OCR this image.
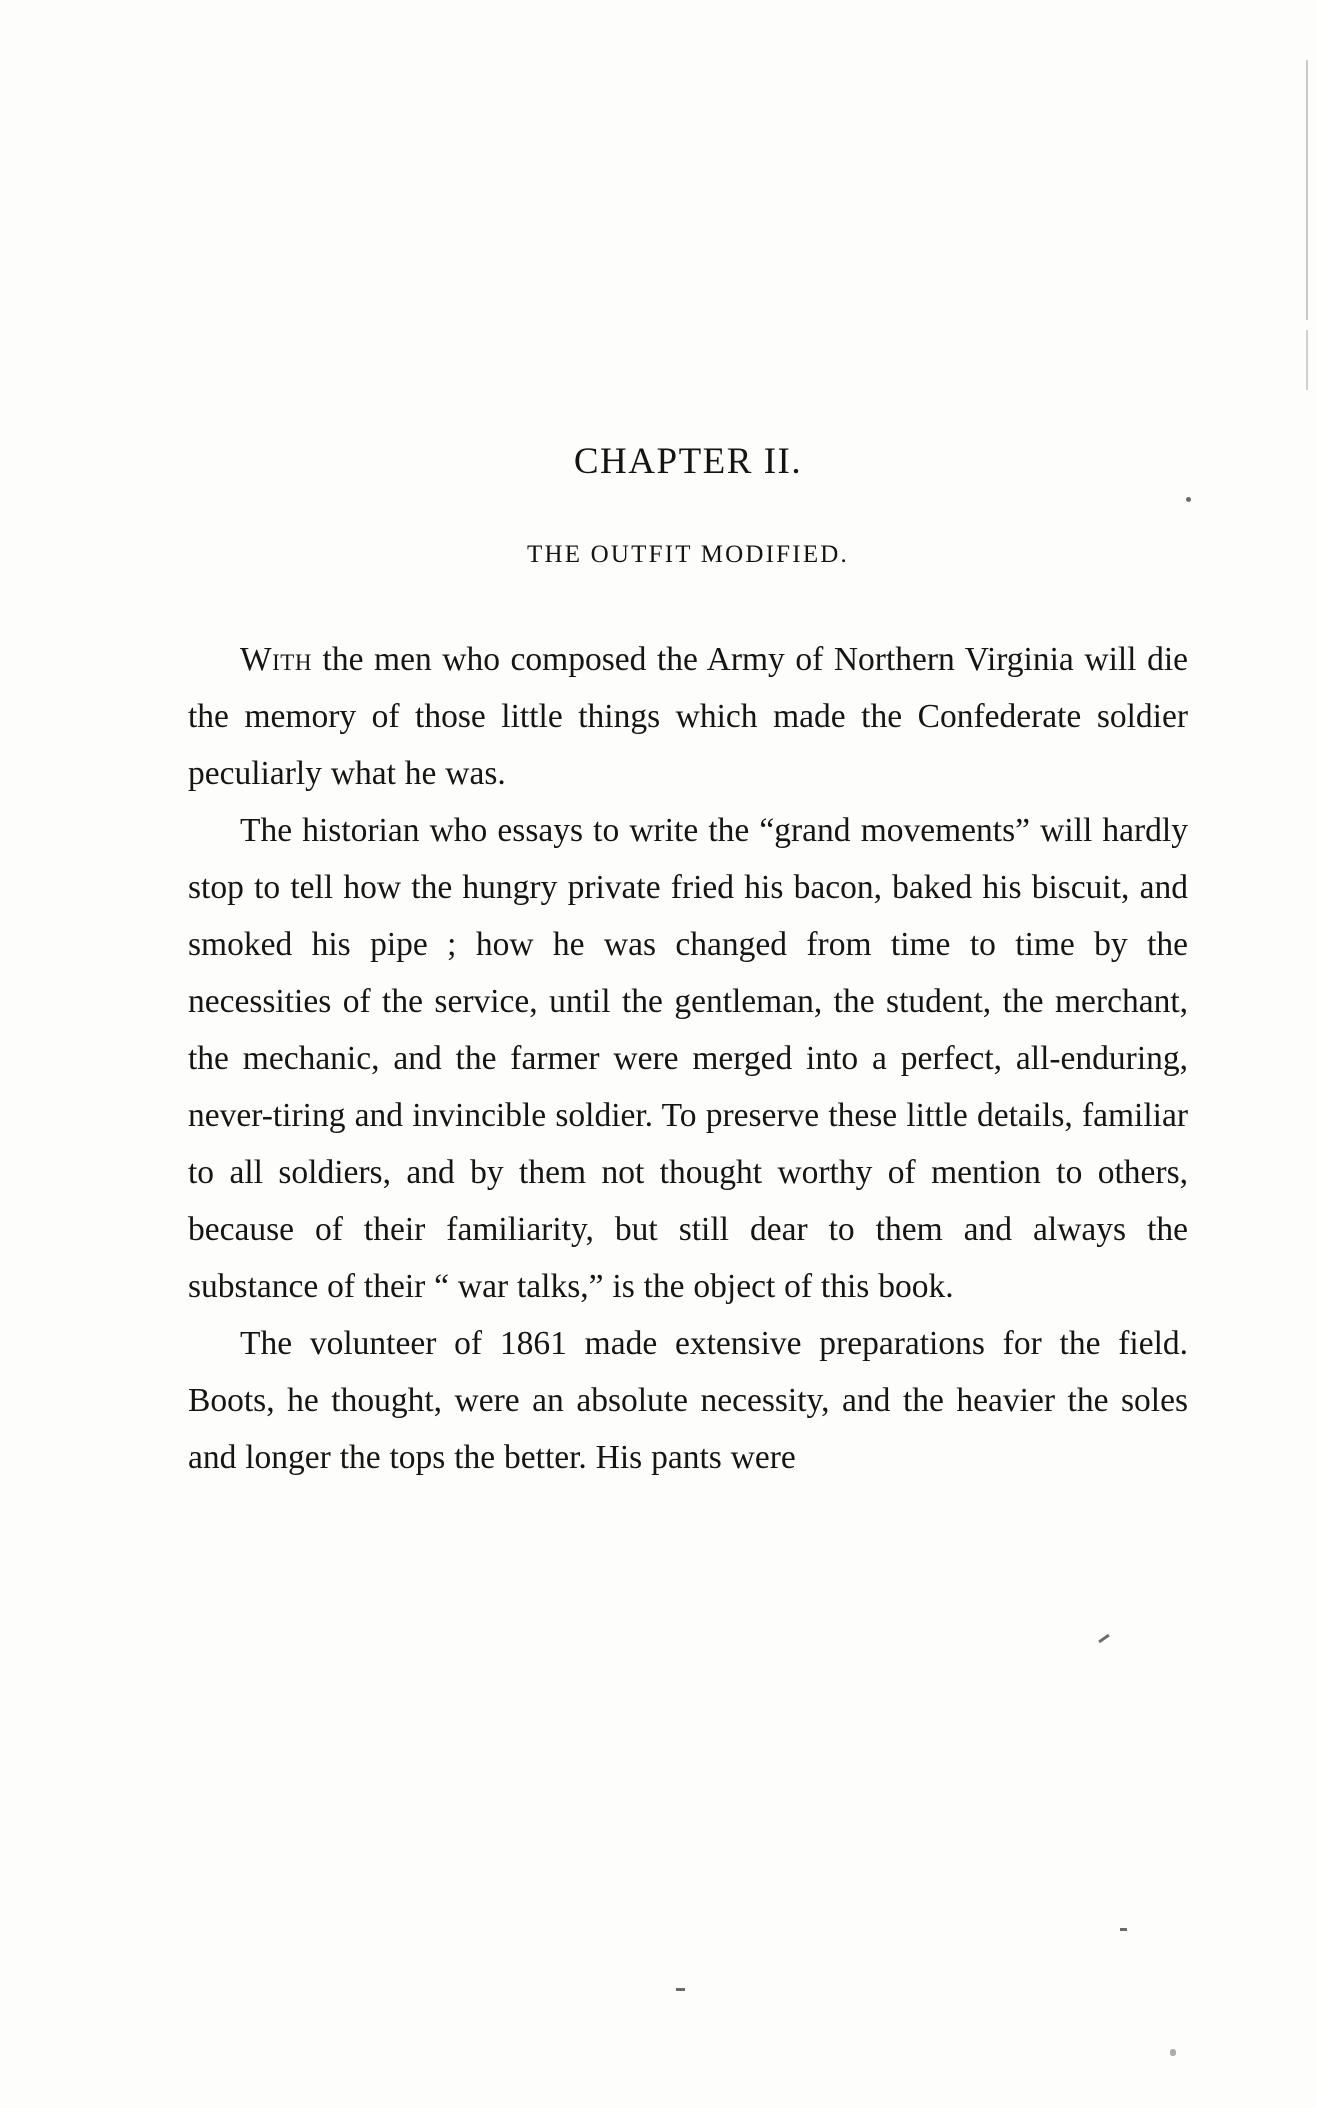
CHAPTER II.
THE OUTFIT MODIFIED.

With the men who composed the Army of Northern Virginia will die the memory of those little things which made the Confederate soldier peculiarly what he was.

The historian who essays to write the “grand movements” will hardly stop to tell how the hungry private fried his bacon, baked his biscuit, and smoked his pipe ; how he was changed from time to time by the necessities of the service, until the gentleman, the student, the merchant, the mechanic, and the farmer were merged into a perfect, all-enduring, never-tiring and invincible soldier. To preserve these little details, familiar to all soldiers, and by them not thought worthy of mention to others, because of their familiarity, but still dear to them and always the substance of their “ war talks,” is the object of this book.

The volunteer of 1861 made extensive preparations for the field. Boots, he thought, were an absolute necessity, and the heavier the soles and longer the tops the better. His pants were
